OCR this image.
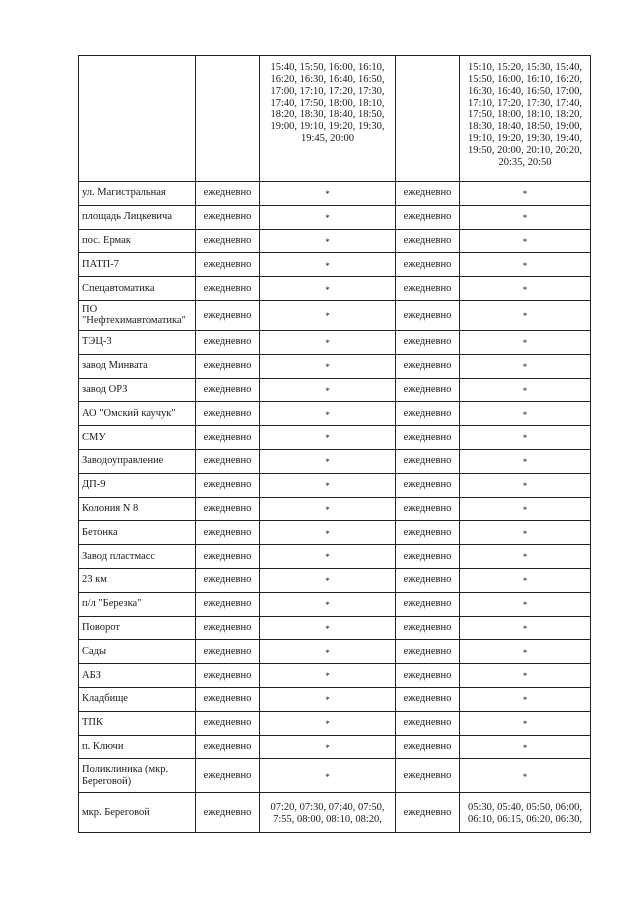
		15:40, 15:50, 16:00, 16:10, 16:20, 16:30, 16:40, 16:50, 17:00, 17:10, 17:20, 17:30, 17:40, 17:50, 18:00, 18:10, 18:20, 18:30, 18:40, 18:50, 19:00, 19:10, 19:20, 19:30, 19:45, 20:00		15:10, 15:20, 15:30, 15:40, 15:50, 16:00, 16:10, 16:20, 16:30, 16:40, 16:50, 17:00, 17:10, 17:20, 17:30, 17:40, 17:50, 18:00, 18:10, 18:20, 18:30, 18:40, 18:50, 19:00, 19:10, 19:20, 19:30, 19:40, 19:50, 20:00, 20:10, 20:20, 20:35, 20:50
ул. Магистральная	ежедневно	*	ежедневно	*
площадь Лицкевича	ежедневно	*	ежедневно	*
пос. Ермак	ежедневно	*	ежедневно	*
ПАТП-7	ежедневно	*	ежедневно	*
Спецавтоматика	ежедневно	*	ежедневно	*
ПО "Нефтехимавтоматика"	ежедневно	*	ежедневно	*
ТЭЦ-3	ежедневно	*	ежедневно	*
завод Минвата	ежедневно	*	ежедневно	*
завод ОРЗ	ежедневно	*	ежедневно	*
АО "Омский каучук"	ежедневно	*	ежедневно	*
СМУ	ежедневно	*	ежедневно	*
Заводоуправление	ежедневно	*	ежедневно	*
ДП-9	ежедневно	*	ежедневно	*
Колония N 8	ежедневно	*	ежедневно	*
Бетонка	ежедневно	*	ежедневно	*
Завод пластмасс	ежедневно	*	ежедневно	*
23 км	ежедневно	*	ежедневно	*
п/л "Березка"	ежедневно	*	ежедневно	*
Поворот	ежедневно	*	ежедневно	*
Сады	ежедневно	*	ежедневно	*
АБЗ	ежедневно	*	ежедневно	*
Кладбище	ежедневно	*	ежедневно	*
ТПК	ежедневно	*	ежедневно	*
п. Ключи	ежедневно	*	ежедневно	*
Поликлиника (мкр. Береговой)	ежедневно	*	ежедневно	*
мкр. Береговой	ежедневно	07:20, 07:30, 07:40, 07:50, 7:55, 08:00, 08:10, 08:20,	ежедневно	05:30, 05:40, 05:50, 06:00, 06:10, 06:15, 06:20, 06:30,
